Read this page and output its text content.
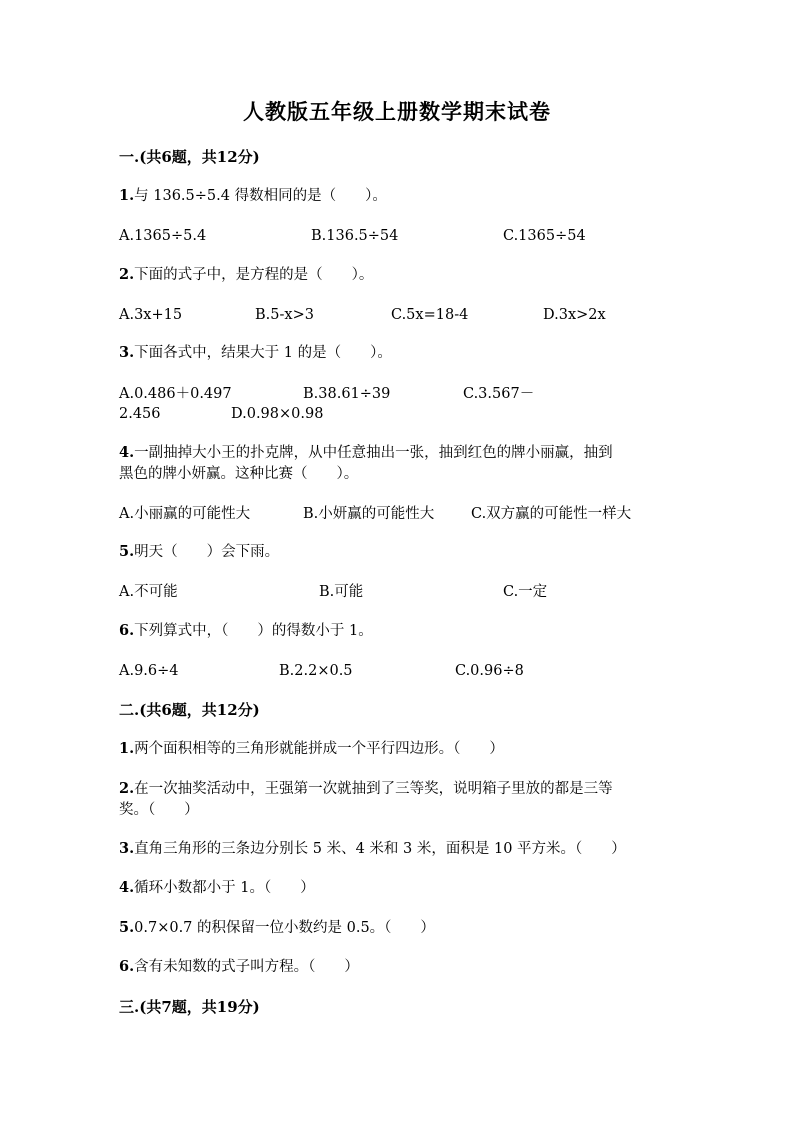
人教版五年级上册数学期末试卷
一.(共6题，共12分)
1.与 136.5÷5.4 得数相同的是（　　）。
A.1365÷5.4	B.136.5÷54	C.1365÷54
2.下面的式子中，是方程的是（　　）。
A.3x+15	B.5-x>3	C.5x=18-4	D.3x>2x
3.下面各式中，结果大于 1 的是（　　）。
A.0.486＋0.497	B.38.61÷39	C.3.567－
2.456	D.0.98×0.98
4.一副抽掉大小王的扑克牌，从中任意抽出一张，抽到红色的牌小丽赢，抽到
黑色的牌小妍赢。这种比赛（　　）。
A.小丽赢的可能性大	B.小妍赢的可能性大	C.双方赢的可能性一样大
5.明天（　　）会下雨。
A.不可能	B.可能	C.一定
6.下列算式中，（　　）的得数小于 1。
A.9.6÷4	B.2.2×0.5	C.0.96÷8
二.(共6题，共12分)
1.两个面积相等的三角形就能拼成一个平行四边形。（　　）
2.在一次抽奖活动中，王强第一次就抽到了三等奖，说明箱子里放的都是三等
奖。（　　）
3.直角三角形的三条边分别长 5 米、4 米和 3 米，面积是 10 平方米。（　　）
4.循环小数都小于 1。（　　）
5.0.7×0.7 的积保留一位小数约是 0.5。（　　）
6.含有未知数的式子叫方程。（　　）
三.(共7题，共19分)
